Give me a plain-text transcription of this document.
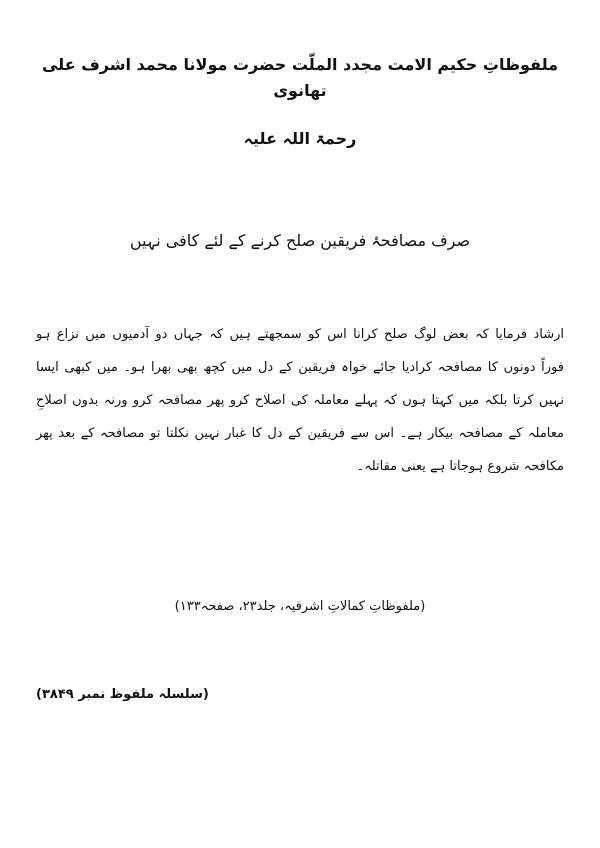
ملفوظاتِ حکیم الامت مجدد الملّت حضرت مولانا محمد اشرف علی تھانوی
رحمۃ اللہ علیہ
صرف مصافحۂ فریقین صلح کرنے کے لئے کافی نہیں
ارشاد فرمایا کہ بعض لوگ صلح کرانا اس کو سمجھتے ہیں کہ جہاں دو آدمیوں میں نزاع ہو
فوراً دونوں کا مصافحہ کرادیا جائے خواہ فریقین کے دل میں کچھ بھی بھرا ہو۔ میں کبھی ایسا
نہیں کرتا بلکہ میں کہتا ہوں کہ پہلے معاملہ کی اصلاح کرو پھر مصافحہ کرو ورنہ بدوں اصلاحِ
معاملہ کے مصافحہ بیکار ہے۔ اس سے فریقین کے دل کا غبار نہیں نکلتا تو مصافحہ کے بعد پھر
مکافحہ شروع ہوجاتا ہے یعنی مقاتلہ۔
(ملفوظاتِ کمالاتِ اشرفیہ، جلد۲۳، صفحہ۱۳۳)
(سلسلہ ملفوظ نمبر ۳۸۴۹)
